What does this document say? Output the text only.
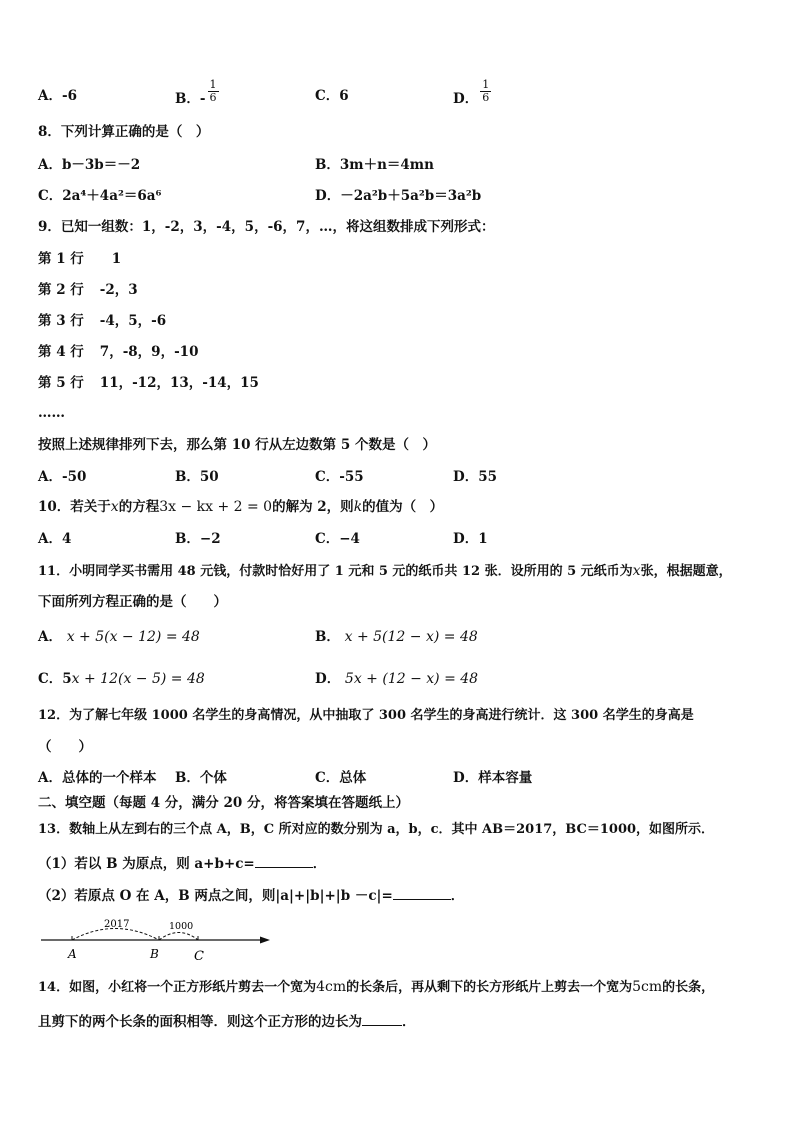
A．-6	B．- $\frac{1}{6}$	C．6	D． $\frac{1}{6}$
8．下列计算正确的是（　）
A．b－3b＝－2	B．3m＋n＝4mn
C．2a⁴＋4a²＝6a⁶	D．－2a²b＋5a²b＝3a²b
9．已知一组数：1，-2，3，-4，5，-6，7，…，将这组数排成下列形式：
第 1 行 1
第 2 行 -2，3
第 3 行 -4，5，-6
第 4 行 7，-8，9，-10
第 5 行 11，-12，13，-14，15
……
按照上述规律排列下去，那么第 10 行从左边数第 5 个数是（　）
A．-50	B．50	C．-55	D．55
10．若关于x的方程3x − kx + 2 = 0的解为 2，则k的值为（　）
A．4	B．−2	C．−4	D．1
11．小明同学买书需用 48 元钱，付款时恰好用了 1 元和 5 元的纸币共 12 张．设所用的 5 元纸币为x张，根据题意，
下面所列方程正确的是（　　）
A． x + 5(x − 12) = 48	B． x + 5(12 − x) = 48
C．5x + 12(x − 5) = 48	D． 5x + (12 − x) = 48
12．为了解七年级 1000 名学生的身高情况，从中抽取了 300 名学生的身高进行统计．这 300 名学生的身高是
（　　）
A．总体的一个样本 B．个体	C．总体	D．样本容量
二、填空题（每题 4 分，满分 20 分，将答案填在答题纸上）
13．数轴上从左到右的三个点 A，B，C 所对应的数分别为 a，b，c．其中 AB＝2017，BC＝1000，如图所示．
（1）若以 B 为原点，则 a+b+c=	．
（2）若原点 O 在 A，B 两点之间，则|a|+|b|+|b －c|=	．
2017	1000
A	B	C
14．如图，小红将一个正方形纸片剪去一个宽为4cm的长条后，再从剩下的长方形纸片上剪去一个宽为5cm的长条，
且剪下的两个长条的面积相等．则这个正方形的边长为	．
